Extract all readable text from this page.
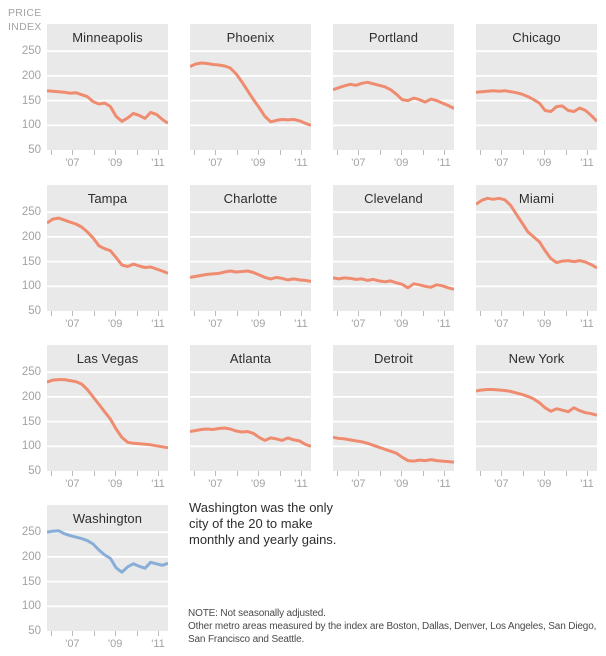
PRICE
INDEX
Minneapolis
'07	'09	'11
250
200
150
100
50
Phoenix
'07	'09	'11
Portland
'07	'09	'11
Chicago
'07	'09	'11
Tampa
'07	'09	'11
250
200
150
100
50
Charlotte
'07	'09	'11
Cleveland
'07	'09	'11
Miami
'07	'09	'11
Las Vegas
'07	'09	'11
250
200
150
100
50
Atlanta
'07	'09	'11
Detroit
'07	'09	'11
New York
'07	'09	'11
Washington
'07	'09	'11
250
200
150
100
50
Washington was the only
city of the 20 to make
monthly and yearly gains.
NOTE: Not seasonally adjusted.
Other metro areas measured by the index are Boston, Dallas, Denver, Los Angeles, San Diego,
San Francisco and Seattle.
